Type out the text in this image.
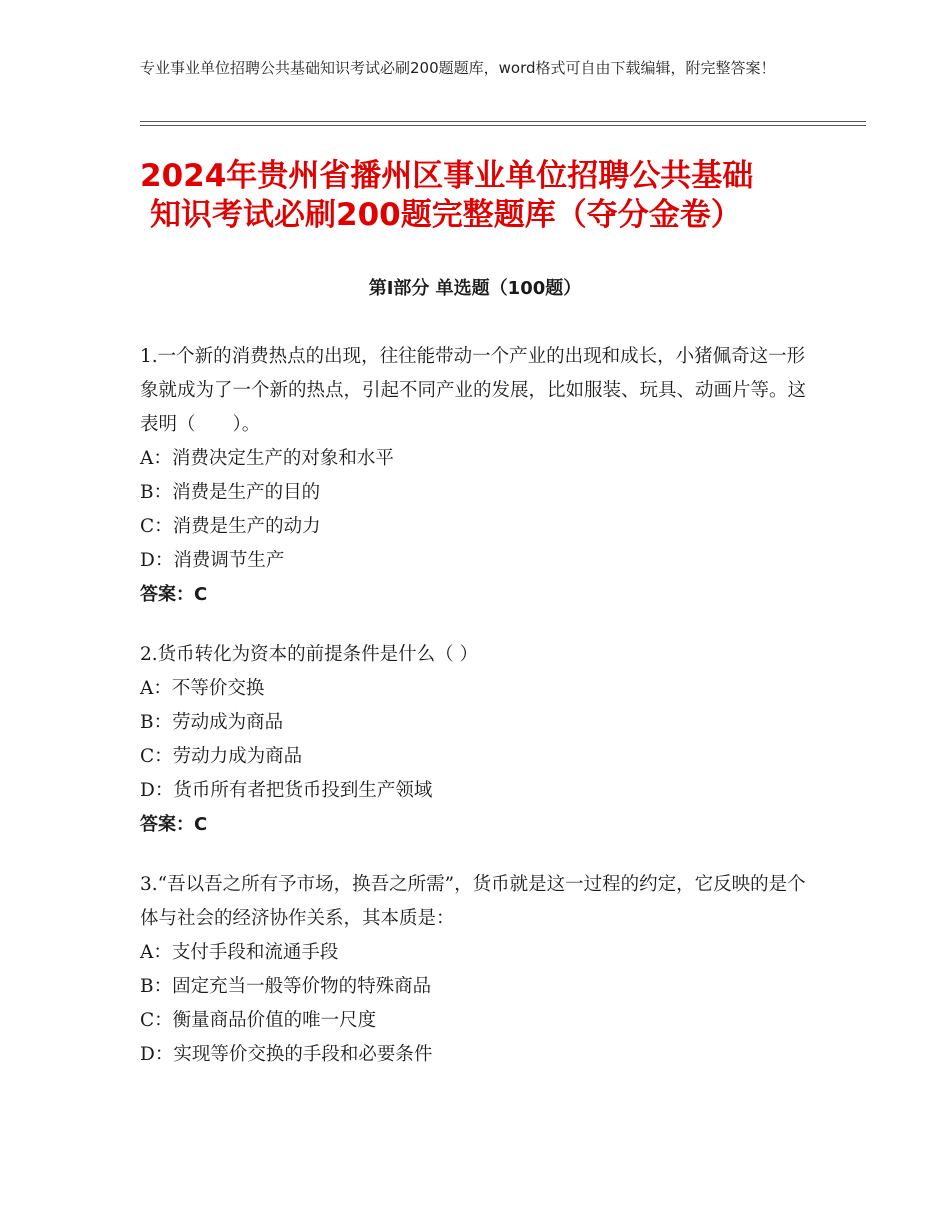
专业事业单位招聘公共基础知识考试必刷200题题库，word格式可自由下载编辑，附完整答案！
2024年贵州省播州区事业单位招聘公共基础
知识考试必刷200题完整题库（夺分金卷）
第Ⅰ部分 单选题（100题）

1.一个新的消费热点的出现，往往能带动一个产业的出现和成长，小猪佩奇这一形象就成为了一个新的热点，引起不同产业的发展，比如服装、玩具、动画片等。这表明（　　）。

A：消费决定生产的对象和水平

B：消费是生产的目的

C：消费是生产的动力

D：消费调节生产

答案：C

2.货币转化为资本的前提条件是什么（ ）

A：不等价交换

B：劳动成为商品

C：劳动力成为商品

D：货币所有者把货币投到生产领域

答案：C

3.“吾以吾之所有予市场，换吾之所需”，货币就是这一过程的约定，它反映的是个体与社会的经济协作关系，其本质是：

A：支付手段和流通手段

B：固定充当一般等价物的特殊商品

C：衡量商品价值的唯一尺度

D：实现等价交换的手段和必要条件
